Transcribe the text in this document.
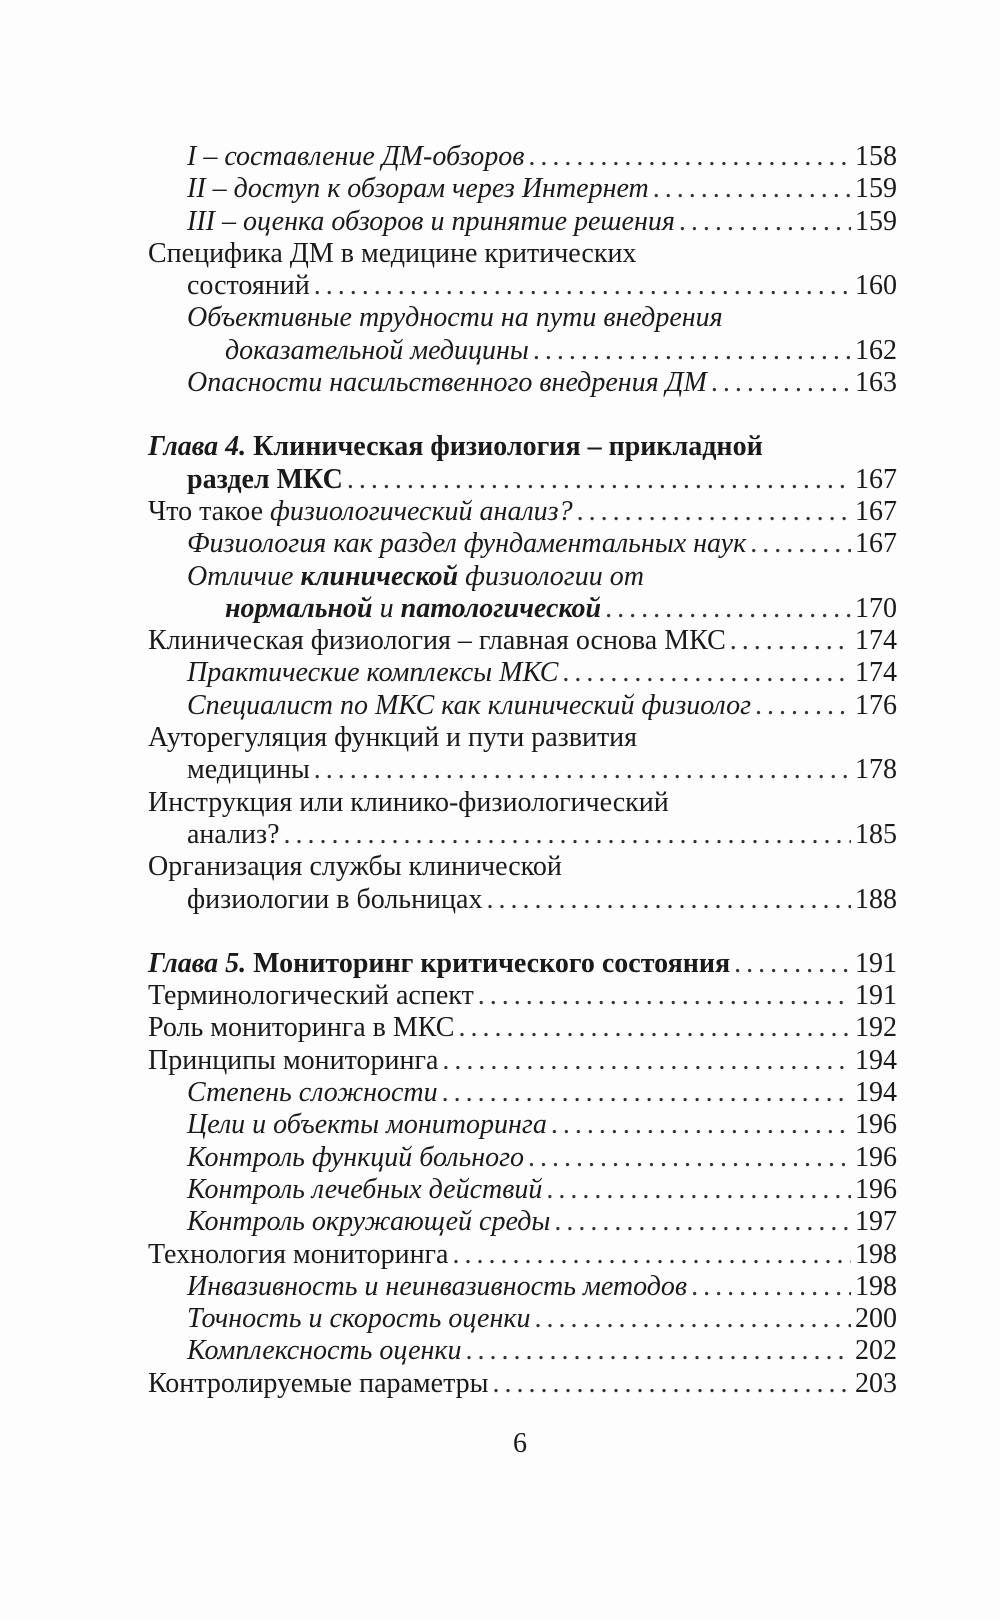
I – составление ДМ-обзоров . . .	158
II – доступ к обзорам через Интернет . . .	159
III – оценка обзоров и принятие решения . . .	159
Специфика ДМ в медицине критических
состояний . . .	160
Объективные трудности на пути внедрения
доказательной медицины . . .	162
Опасности насильственного внедрения ДМ . . .	163
Глава 4. Клиническая физиология – прикладной
раздел МКС . . .	167
Что такое физиологический анализ? . . .	167
Физиология как раздел фундаментальных наук . . .	167
Отличие клинической физиологии от
нормальной и патологической . . .	170
Клиническая физиология – главная основа МКС . . .	174
Практические комплексы МКС . . .	174
Специалист по МКС как клинический физиолог . . .	176
Ауторегуляция функций и пути развития
медицины . . .	178
Инструкция или клинико-физиологический
анализ? . . .	185
Организация службы клинической
физиологии в больницах . . .	188
Глава 5. Мониторинг критического состояния . . .	191
Терминологический аспект . . .	191
Роль мониторинга в МКС . . .	192
Принципы мониторинга . . .	194
Степень сложности . . .	194
Цели и объекты мониторинга . . .	196
Контроль функций больного . . .	196
Контроль лечебных действий . . .	196
Контроль окружающей среды . . .	197
Технология мониторинга . . .	198
Инвазивность и неинвазивность методов . . .	198
Точность и скорость оценки . . .	200
Комплексность оценки . . .	202
Контролируемые параметры . . .	203
6
